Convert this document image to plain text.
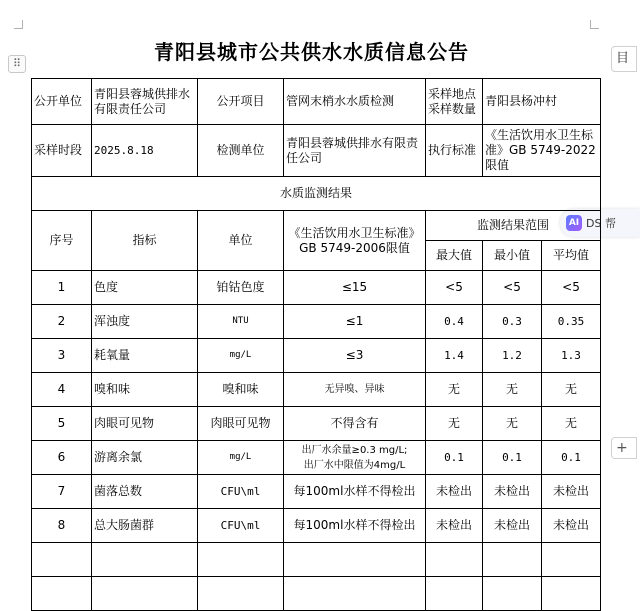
⠿	目
+
AI DS 帮
青阳县城市公共供水水质信息公告
公开单位	青阳县蓉城供排水有限责任公司	公开项目	管网末梢水水质检测	采样地点采样数量	青阳县杨冲村	
采样时段	2025.8.18	检测单位	青阳县蓉城供排水有限责任公司	执行标准	《生活饮用水卫生标准》GB 5749-2022限值	
水质监测结果						
序号	指标	单位	《生活饮用水卫生标准》GB 5749-2006限值	监测结果范围		
				最大值	最小值	平均值
1	色度	铂钴色度	≤15	<5	<5	<5
2	浑浊度	NTU	≤1	0.4	0.3	0.35
3	耗氧量	mg/L	≤3	1.4	1.2	1.3
4	嗅和味	嗅和味	无异嗅、异味	无	无	无
5	肉眼可见物	肉眼可见物	不得含有	无	无	无
6	游离余氯	mg/L	出厂水余量≥0.3 mg/L;
出厂水中限值为4mg/L	0.1	0.1	0.1
7	菌落总数	CFU\ml	每100ml水样不得检出	未检出	未检出	未检出
8	总大肠菌群	CFU\ml	每100ml水样不得检出	未检出	未检出	未检出
